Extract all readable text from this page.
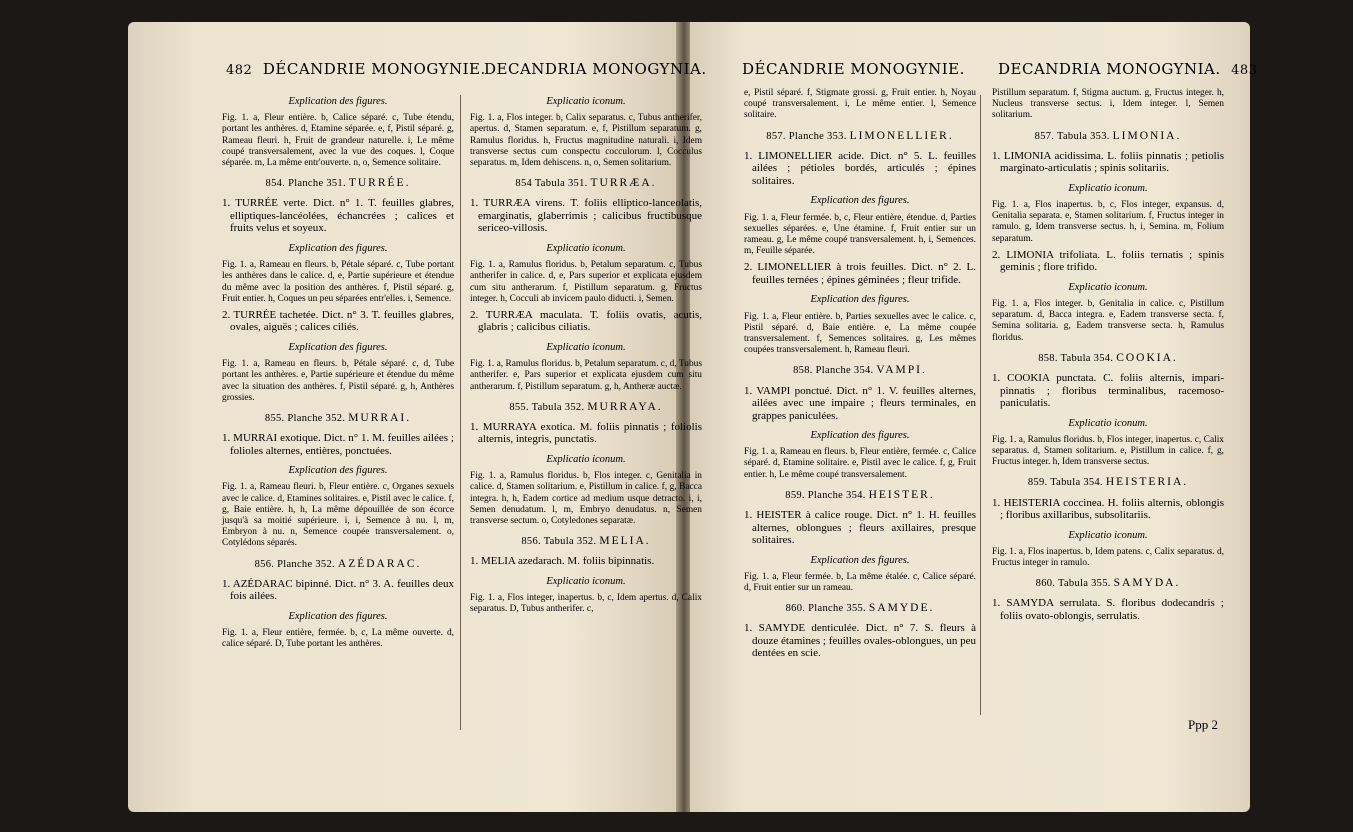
482 DÉCANDRIE MONOGYNIE.
DECANDRIA MONOGYNIA.

Explication des figures.

Fig. 1. a, Fleur entière. b, Calice séparé. c, Tube étendu, portant les anthères. d, Etamine séparée. e, f, Pistil séparé. g, Rameau fleuri. h, Fruit de grandeur naturelle. i, Le même coupé transversalement, avec la vue des coques. l, Coque séparée. m, La même entr'ouverte. n, o, Semence solitaire.

854. Planche 351. TURRÉE.

1. TURRÉE verte. Dict. n° 1. T. feuilles glabres, elliptiques-lancéolées, échancrées ; calices et fruits velus et soyeux.

Explication des figures.

Fig. 1. a, Rameau en fleurs. b, Pétale séparé. c, Tube portant les anthères dans le calice. d, e, Partie supérieure et étendue du même avec la position des anthères. f, Pistil séparé. g, Fruit entier. h, Coques un peu séparées entr'elles. i, Semence.

2. TURRÉE tachetée. Dict. n° 3. T. feuilles glabres, ovales, aiguës ; calices ciliés.

Explication des figures.

Fig. 1. a, Rameau en fleurs. b, Pétale séparé. c, d, Tube portant les anthères. e, Partie supérieure et étendue du même avec la situation des anthères. f, Pistil séparé. g, h, Anthères grossies.

855. Planche 352. MURRAI.

1. MURRAI exotique. Dict. n° 1. M. feuilles ailées ; folioles alternes, entières, ponctuées.

Explication des figures.

Fig. 1. a, Rameau fleuri. b, Fleur entière. c, Organes sexuels avec le calice. d, Etamines solitaires. e, Pistil avec le calice. f, g, Baie entière. h, h, La même dépouillée de son écorce jusqu'à sa moitié supérieure. i, i, Semence à nu. l, m, Embryon à nu. n, Semence coupée transversalement. o, Cotylédons séparés.

856. Planche 352. AZÉDARAC.

1. AZÉDARAC bipinné. Dict. n° 3. A. feuilles deux fois ailées.

Explication des figures.

Fig. 1. a, Fleur entière, fermée. b, c, La même ouverte. d, calice séparé. D, Tube portant les anthères.

Explicatio iconum.

Fig. 1. a, Flos integer. b, Calix separatus. c, Tubus antherifer, apertus. d, Stamen separatum. e, f, Pistillum separatum. g, Ramulus floridus. h, Fructus magnitudine naturali. i, Idem transverse sectus cum conspectu cocculorum. l, Cocculus separatus. m, Idem dehiscens. n, o, Semen solitarium.

854 Tabula 351. TURRÆA.

1. TURRÆA virens. T. foliis elliptico-lanceolatis, emarginatis, glaberrimis ; calicibus fructibusque sericeo-villosis.

Explicatio iconum.

Fig. 1. a, Ramulus floridus. b, Petalum separatum. c, Tubus antherifer in calice. d, e, Pars superior et explicata ejusdem cum situ antherarum. f, Pistillum separatum. g, Fructus integer. h, Cocculi ab invicem paulo diducti. i, Semen.

2. TURRÆA maculata. T. foliis ovatis, acutis, glabris ; calicibus ciliatis.

Explicatio iconum.

Fig. 1. a, Ramulus floridus. b, Petalum separatum. c, d, Tubus antherifer. e, Pars superior et explicata ejusdem cum situ antherarum. f, Pistillum separatum. g, h, Antheræ auctæ.

855. Tabula 352. MURRAYA.

1. MURRAYA exotica. M. foliis pinnatis ; foliolis alternis, integris, punctatis.

Explicatio iconum.

Fig. 1. a, Ramulus floridus. b, Flos integer. c, Genitalia in calice. d, Stamen solitarium. e, Pistillum in calice. f, g, Bacca integra. h, h, Eadem cortice ad medium usque detracto. i, i, Semen denudatum. l, m, Embryo denudatus. n, Semen transverse sectum. o, Cotyledones separatæ.

856. Tabula 352. MELIA.

1. MELIA azedarach. M. foliis bipinnatis.

Explicatio iconum.

Fig. 1. a, Flos integer, inapertus. b, c, Idem apertus. d, Calix separatus. D, Tubus antherifer. c,

DÉCANDRIE MONOGYNIE. DECANDRIA MONOGYNIA. 483

e, Pistil séparé. f, Stigmate grossi. g, Fruit entier. h, Noyau coupé transversalement. i, Le même entier. l, Semence solitaire.

857. Planche 353. LIMONELLIER.

1. LIMONELLIER acide. Dict. n° 5. L. feuilles ailées ; pétioles bordés, articulés ; épines solitaires.

Explication des figures.

Fig. 1. a, Fleur fermée. b, c, Fleur entière, étendue. d, Parties sexuelles séparées. e, Une étamine. f, Fruit entier sur un rameau. g, Le même coupé transversalement. h, i, Semences. m, Feuille séparée.

2. LIMONELLIER à trois feuilles. Dict. n° 2. L. feuilles ternées ; épines géminées ; fleur trifide.

Explication des figures.

Fig. 1. a, Fleur entière. b, Parties sexuelles avec le calice. c, Pistil séparé. d, Baie entière. e, La même coupée transversalement. f, Semences solitaires. g, Les mêmes coupées transversalement. h, Rameau fleuri.

858. Planche 354. VAMPI.

1. VAMPI ponctué. Dict. n° 1. V. feuilles alternes, ailées avec une impaire ; fleurs terminales, en grappes paniculées.

Explication des figures.

Fig. 1. a, Rameau en fleurs. b, Fleur entière, fermée. c, Calice séparé. d, Etamine solitaire. e, Pistil avec le calice. f, g, Fruit entier. h, Le même coupé transversalement.

859. Planche 354. HEISTER.

1. HEISTER à calice rouge. Dict. n° 1. H. feuilles alternes, oblongues ; fleurs axillaires, presque solitaires.

Explication des figures.

Fig. 1. a, Fleur fermée. b, La même étalée. c, Calice séparé. d, Fruit entier sur un rameau.

860. Planche 355. SAMYDE.

1. SAMYDE denticulée. Dict. n° 7. S. fleurs à douze étamines ; feuilles ovales-oblongues, un peu dentées en scie.

Pistillum separatum. f, Stigma auctum. g, Fructus integer. h, Nucleus transverse sectus. i, Idem integer. l, Semen solitarium.

857. Tabula 353. LIMONIA.

1. LIMONIA acidissima. L. foliis pinnatis ; petiolis marginato-articulatis ; spinis solitariis.

Explicatio iconum.

Fig. 1. a, Flos inapertus. b, c, Flos integer, expansus. d, Genitalia separata. e, Stamen solitarium. f, Fructus integer in ramulo. g, Idem transverse sectus. h, i, Semina. m, Folium separatum.

2. LIMONIA trifoliata. L. foliis ternatis ; spinis geminis ; flore trifido.

Explicatio iconum.

Fig. 1. a, Flos integer. b, Genitalia in calice. c, Pistillum separatum. d, Bacca integra. e, Eadem transverse secta. f, Semina solitaria. g, Eadem transverse secta. h, Ramulus floridus.

858. Tabula 354. COOKIA.

1. COOKIA punctata. C. foliis alternis, impari-pinnatis ; floribus terminalibus, racemoso-paniculatis.

Explicatio iconum.

Fig. 1. a, Ramulus floridus. b, Flos integer, inapertus. c, Calix separatus. d, Stamen solitarium. e, Pistillum in calice. f, g, Fructus integer. h, Idem transverse sectus.

859. Tabula 354. HEISTERIA.

1. HEISTERIA coccinea. H. foliis alternis, oblongis ; floribus axillaribus, subsolitariis.

Explicatio iconum.

Fig. 1. a, Flos inapertus. b, Idem patens. c, Calix separatus. d, Fructus integer in ramulo.

860. Tabula 355. SAMYDA.

1. SAMYDA serrulata. S. floribus dodecandris ; foliis ovato-oblongis, serrulatis.

Ppp 2
